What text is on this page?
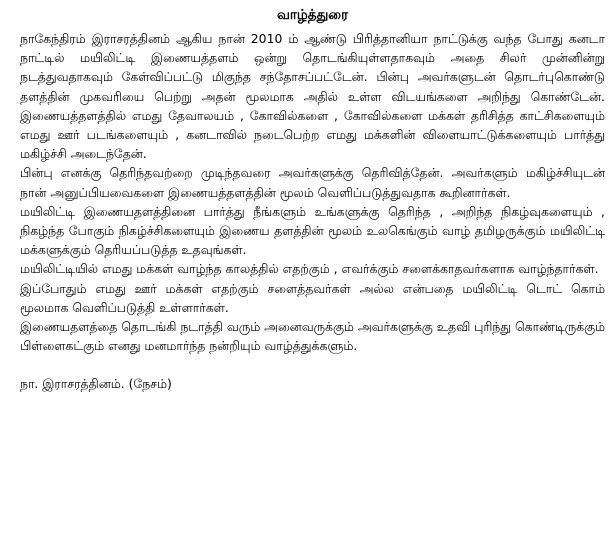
வாழ்த்துரை

நாகேந்திரம் இராசரத்தினம் ஆகிய நான் 2010 ம் ஆண்டு பிரித்தானியா நாட்டுக்கு வந்த போது கனடா நாட்டில் மயிலிட்டி இணையத்தளம் ஒன்று தொடங்கியுள்ளதாகவும் அதை சிலர் முன்னின்று நடத்துவதாகவும் கேள்விப்பட்டு மிகுந்த சந்தோசப்பட்டேன். பின்பு அவர்களுடன் தொடர்புகொண்டு தளத்தின் முகவரியை பெற்று அதன் மூலமாக அதில் உள்ள விடயங்களை அறிந்து கொண்டேன். இணையத்தளத்தில் எமது தேவாலயம் , கோவில்களை , கோவில்களை மக்கள் தரிசித்த காட்சிகளையும் எமது ஊர் படங்களையும் , கனடாவில் நடைபெற்ற எமது மக்களின் விளையாட்டுக்களையும் பார்த்து மகிழ்ச்சி அடைந்தேன்.

பின்பு எனக்கு தெரிந்தவற்றை முடிந்தவரை அவர்களுக்கு தெரிவித்தேன். அவர்களும் மகிழ்ச்சியுடன் நான் அனுப்பியவைகளை இணையத்தளத்தின் மூலம் வெளிப்படுத்துவதாக கூறினார்கள்.

மயிலிட்டி இணையதளத்தினை பார்த்து நீங்களும் உங்களுக்கு தெரிந்த , அறிந்த நிகழ்வுகளையும் , நிகழ்ந்த போகும் நிகழ்ச்சிகளையும் இணைய தளத்தின் மூலம் உலகெங்கும் வாழ் தமிழருக்கும் மயிலிட்டி மக்களுக்கும் தெரியப்படுத்த உதவுங்கள்.

மயிலிட்டியில் எமது மக்கள் வாழ்ந்த காலத்தில் எதற்கும் , எவர்க்கும் சளைக்காதவர்களாக வாழ்ந்தார்கள்.

இப்போதும் எமது ஊர் மக்கள் எதற்கும் சளைத்தவர்கள் அல்ல என்பதை மயிலிட்டி டொட் கொம் மூலமாக வெளிப்படுத்தி உள்ளார்கள்.

இணையதளத்தை தொடங்கி நடாத்தி வரும் அனைவருக்கும் அவர்களுக்கு உதவி புரிந்து கொண்டிருக்கும் பிள்ளைகட்கும் எனது மனமார்ந்த நன்றியும் வாழ்த்துக்களும்.

நா. இராசரத்தினம். (நேசம்)
